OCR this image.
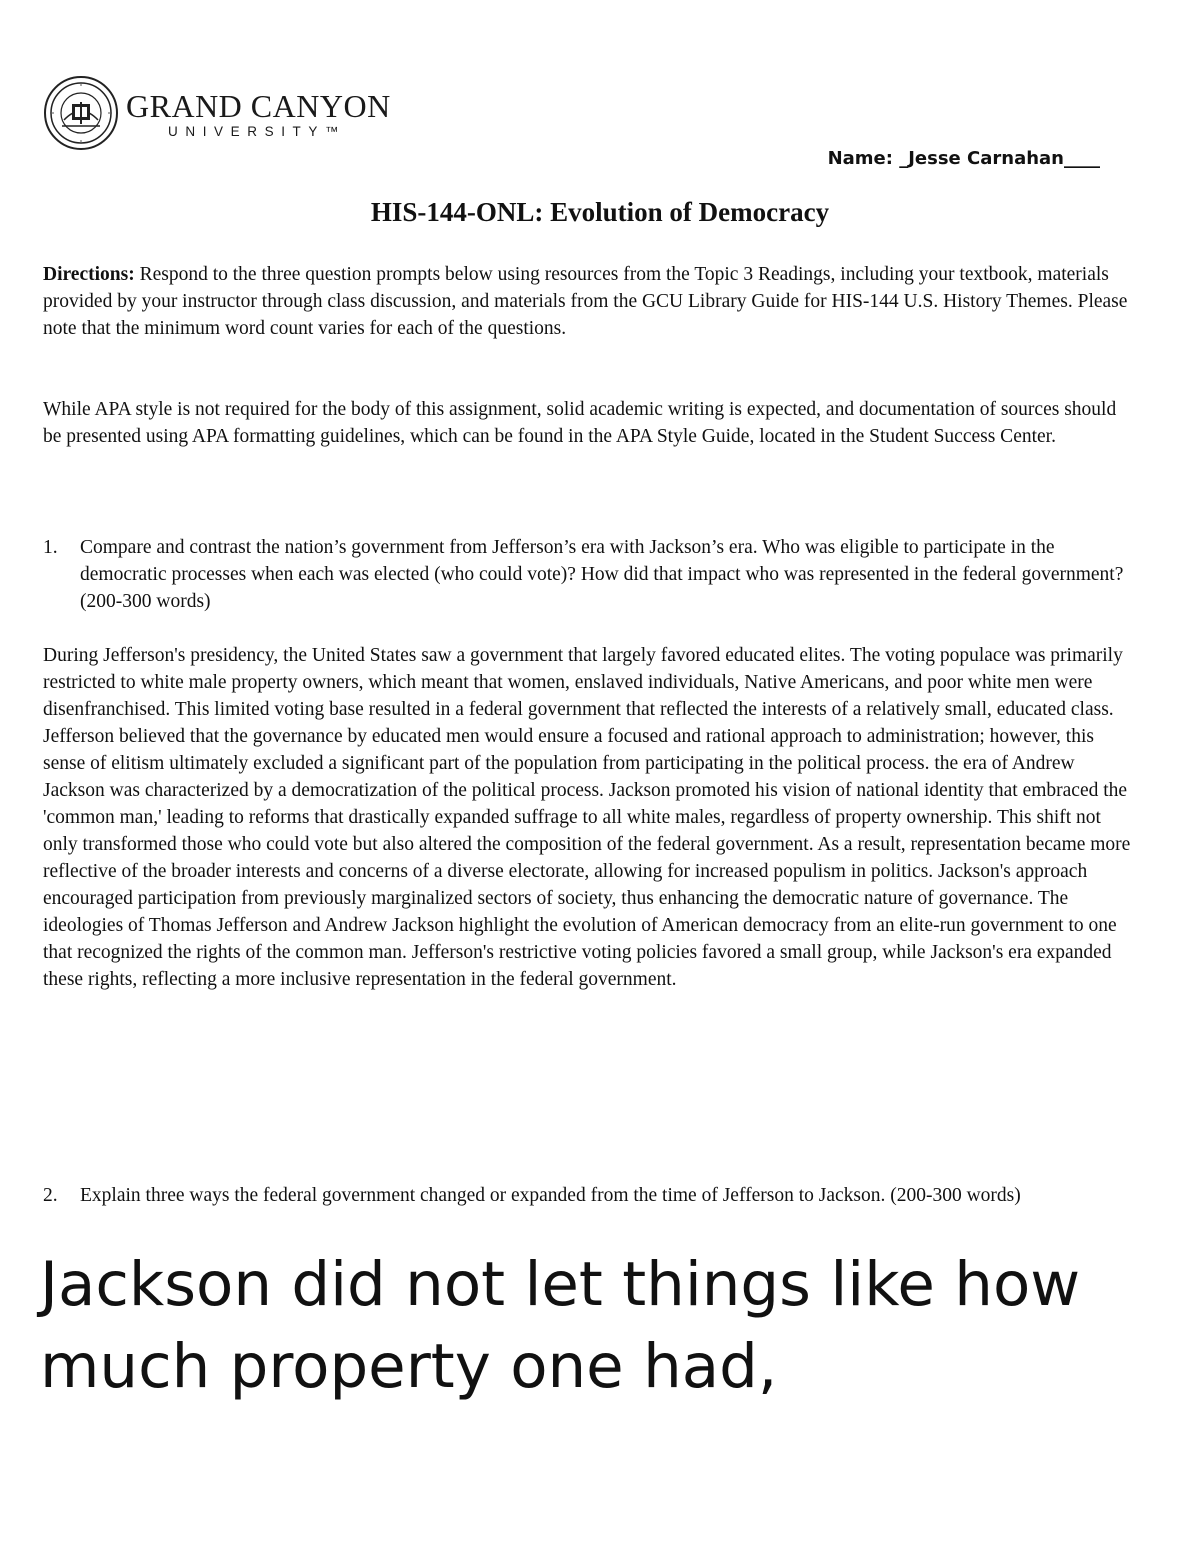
GRAND CANYON
UNIVERSITY™
Name: _Jesse Carnahan____
HIS-144-ONL: Evolution of Democracy

Directions: Respond to the three question prompts below using resources from the Topic 3 Readings, including your textbook, materials provided by your instructor through class discussion, and materials from the GCU Library Guide for HIS-144 U.S. History Themes. Please note that the minimum word count varies for each of the questions.

While APA style is not required for the body of this assignment, solid academic writing is expected, and documentation of sources should be presented using APA formatting guidelines, which can be found in the APA Style Guide, located in the Student Success Center.

1.	Compare and contrast the nation’s government from Jefferson’s era with Jackson’s era. Who was eligible to participate in the democratic processes when each was elected (who could vote)? How did that impact who was represented in the federal government? (200-300 words)

During Jefferson's presidency, the United States saw a government that largely favored educated elites. The voting populace was primarily restricted to white male property owners, which meant that women, enslaved individuals, Native Americans, and poor white men were disenfranchised. This limited voting base resulted in a federal government that reflected the interests of a relatively small, educated class. Jefferson believed that the governance by educated men would ensure a focused and rational approach to administration; however, this sense of elitism ultimately excluded a significant part of the population from participating in the political process. the era of Andrew Jackson was characterized by a democratization of the political process. Jackson promoted his vision of national identity that embraced the 'common man,' leading to reforms that drastically expanded suffrage to all white males, regardless of property ownership. This shift not only transformed those who could vote but also altered the composition of the federal government. As a result, representation became more reflective of the broader interests and concerns of a diverse electorate, allowing for increased populism in politics. Jackson's approach encouraged participation from previously marginalized sectors of society, thus enhancing the democratic nature of governance. The ideologies of Thomas Jefferson and Andrew Jackson highlight the evolution of American democracy from an elite-run government to one that recognized the rights of the common man. Jefferson's restrictive voting policies favored a small group, while Jackson's era expanded these rights, reflecting a more inclusive representation in the federal government.

2.	Explain three ways the federal government changed or expanded from the time of Jefferson to Jackson. (200-300 words)
Jackson did not let things like how much property one had,
